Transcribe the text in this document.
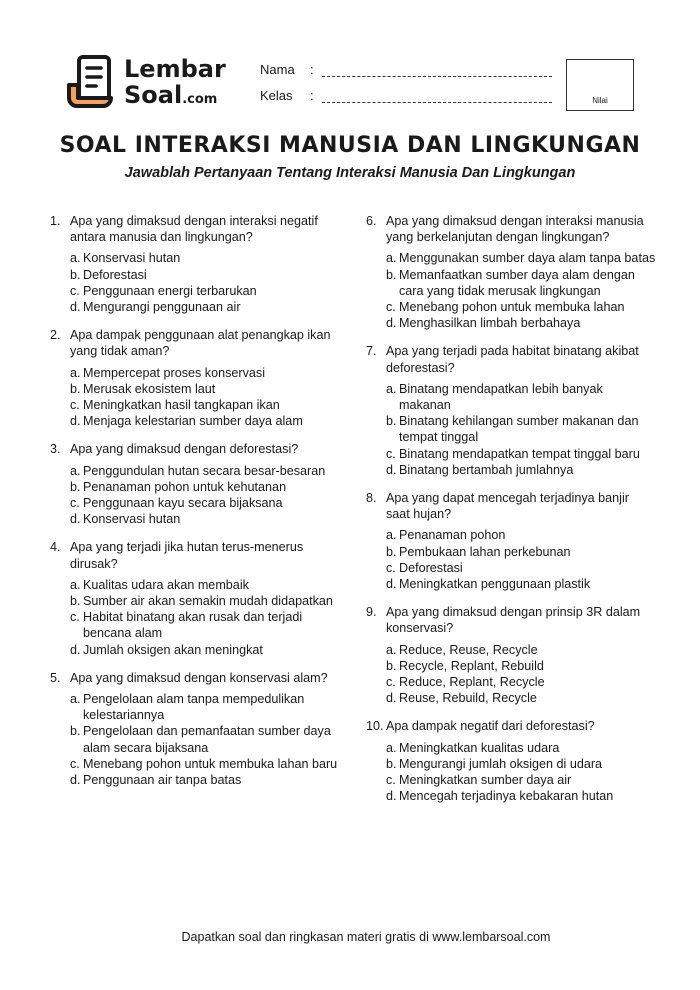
Lembar
Soal.com
Nama	:
Kelas	:	Nilai
SOAL INTERAKSI MANUSIA DAN LINGKUNGAN
Jawablah Pertanyaan Tentang Interaksi Manusia Dan Lingkungan
1. Apa yang dimaksud dengan interaksi negatif antara manusia dan lingkungan?
a. Konservasi hutan
b. Deforestasi
c. Penggunaan energi terbarukan
d. Mengurangi penggunaan air
2. Apa dampak penggunaan alat penangkap ikan yang tidak aman?
a. Mempercepat proses konservasi
b. Merusak ekosistem laut
c. Meningkatkan hasil tangkapan ikan
d. Menjaga kelestarian sumber daya alam
3. Apa yang dimaksud dengan deforestasi?
a. Penggundulan hutan secara besar-besaran
b. Penanaman pohon untuk kehutanan
c. Penggunaan kayu secara bijaksana
d. Konservasi hutan
4. Apa yang terjadi jika hutan terus-menerus dirusak?
a. Kualitas udara akan membaik
b. Sumber air akan semakin mudah didapatkan
c. Habitat binatang akan rusak dan terjadi bencana alam
d. Jumlah oksigen akan meningkat
5. Apa yang dimaksud dengan konservasi alam?
a. Pengelolaan alam tanpa mempedulikan kelestariannya
b. Pengelolaan dan pemanfaatan sumber daya alam secara bijaksana
c. Menebang pohon untuk membuka lahan baru
d. Penggunaan air tanpa batas
6. Apa yang dimaksud dengan interaksi manusia yang berkelanjutan dengan lingkungan?
a. Menggunakan sumber daya alam tanpa batas
b. Memanfaatkan sumber daya alam dengan cara yang tidak merusak lingkungan
c. Menebang pohon untuk membuka lahan
d. Menghasilkan limbah berbahaya
7. Apa yang terjadi pada habitat binatang akibat deforestasi?
a. Binatang mendapatkan lebih banyak makanan
b. Binatang kehilangan sumber makanan dan tempat tinggal
c. Binatang mendapatkan tempat tinggal baru
d. Binatang bertambah jumlahnya
8. Apa yang dapat mencegah terjadinya banjir saat hujan?
a. Penanaman pohon
b. Pembukaan lahan perkebunan
c. Deforestasi
d. Meningkatkan penggunaan plastik
9. Apa yang dimaksud dengan prinsip 3R dalam konservasi?
a. Reduce, Reuse, Recycle
b. Recycle, Replant, Rebuild
c. Reduce, Replant, Recycle
d. Reuse, Rebuild, Recycle
10. Apa dampak negatif dari deforestasi?
a. Meningkatkan kualitas udara
b. Mengurangi jumlah oksigen di udara
c. Meningkatkan sumber daya air
d. Mencegah terjadinya kebakaran hutan
Dapatkan soal dan ringkasan materi gratis di www.lembarsoal.com
